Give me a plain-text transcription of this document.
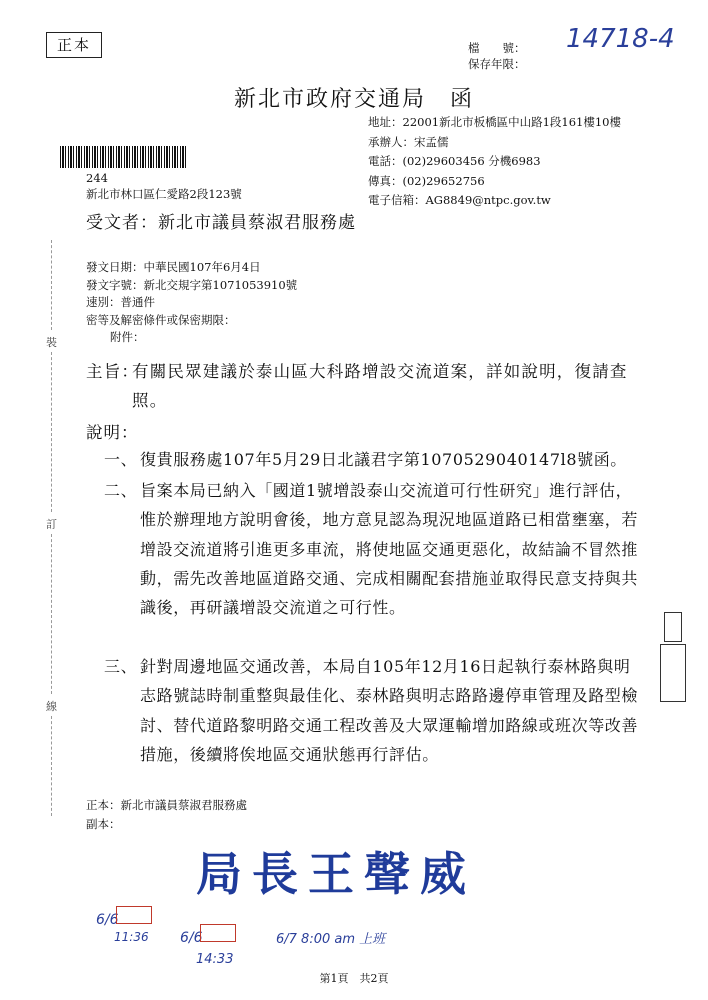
正本	檔　　號：
保存年限：
14718-4
新北市政府交通局　函
地址：22001新北市板橋區中山路1段161樓10樓
承辦人：宋孟儒
電話：(02)29603456 分機6983
傳真：(02)29652756
電子信箱：AG8849@ntpc.gov.tw
244
新北市林口區仁愛路2段123號
受文者：新北市議員蔡淑君服務處
發文日期：中華民國107年6月4日
發文字號：新北交規字第1071053910號
速別：普通件
密等及解密條件或保密期限：
附件：
裝
訂
線
主旨：
有關民眾建議於泰山區大科路增設交流道案，詳如說明，復請查照。
說明：
一、 復貴服務處107年5月29日北議君字第1070529040147l8號函。
二、 旨案本局已納入「國道1號增設泰山交流道可行性研究」進行評估，惟於辦理地方說明會後，地方意見認為現況地區道路已相當壅塞，若增設交流道將引進更多車流，將使地區交通更惡化，故結論不冒然推動，需先改善地區道路交通、完成相關配套措施並取得民意支持與共識後，再研議增設交流道之可行性。
三、 針對周邊地區交通改善，本局自105年12月16日起執行泰林路與明志路號誌時制重整與最佳化、泰林路與明志路路邊停車管理及路型檢討、替代道路黎明路交通工程改善及大眾運輸增加路線或班次等改善措施，後續將俟地區交通狀態再行評估。
正本：新北市議員蔡淑君服務處
副本：
局長王聲威
6/6
11:36 6/6
14:33
6/7 8:00 am 上班
第1頁　共2頁
